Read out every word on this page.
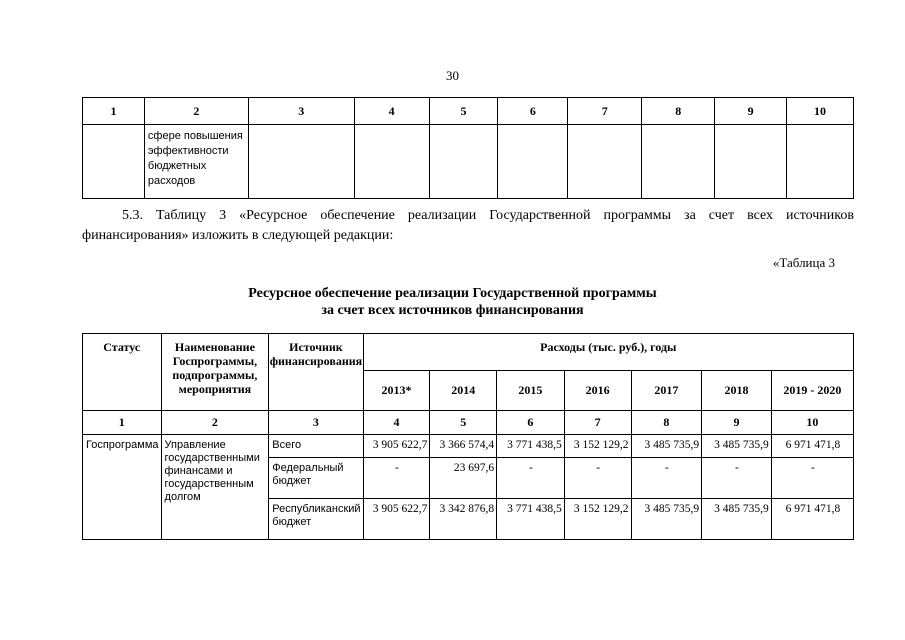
30
1	2	3	4	5	6	7	8	9	10
	сфере повышения эффективности бюджетных расходов								
5.3. Таблицу 3 «Ресурсное обеспечение реализации Государственной программы за счет всех источников финансирования» изложить в следующей редакции:
«Таблица 3
Ресурсное обеспечение реализации Государственной программы
за счет всех источников финансирования
Статус	Наименование Госпрограммы, подпрограммы, мероприятия	Источник финансирования	Расходы (тыс. руб.), годы						
			2013*	2014	2015	2016	2017	2018	2019 - 2020
1	2	3	4	5	6	7	8	9	10
Госпрограмма	Управление государственными финансами и государственным долгом	Всего	3 905 622,7	3 366 574,4	3 771 438,5	3 152 129,2	3 485 735,9	3 485 735,9	6 971 471,8
		Федеральный бюджет	-	23 697,6	-	-	-	-	-
		Республиканский бюджет	3 905 622,7	3 342 876,8	3 771 438,5	3 152 129,2	3 485 735,9	3 485 735,9	6 971 471,8
